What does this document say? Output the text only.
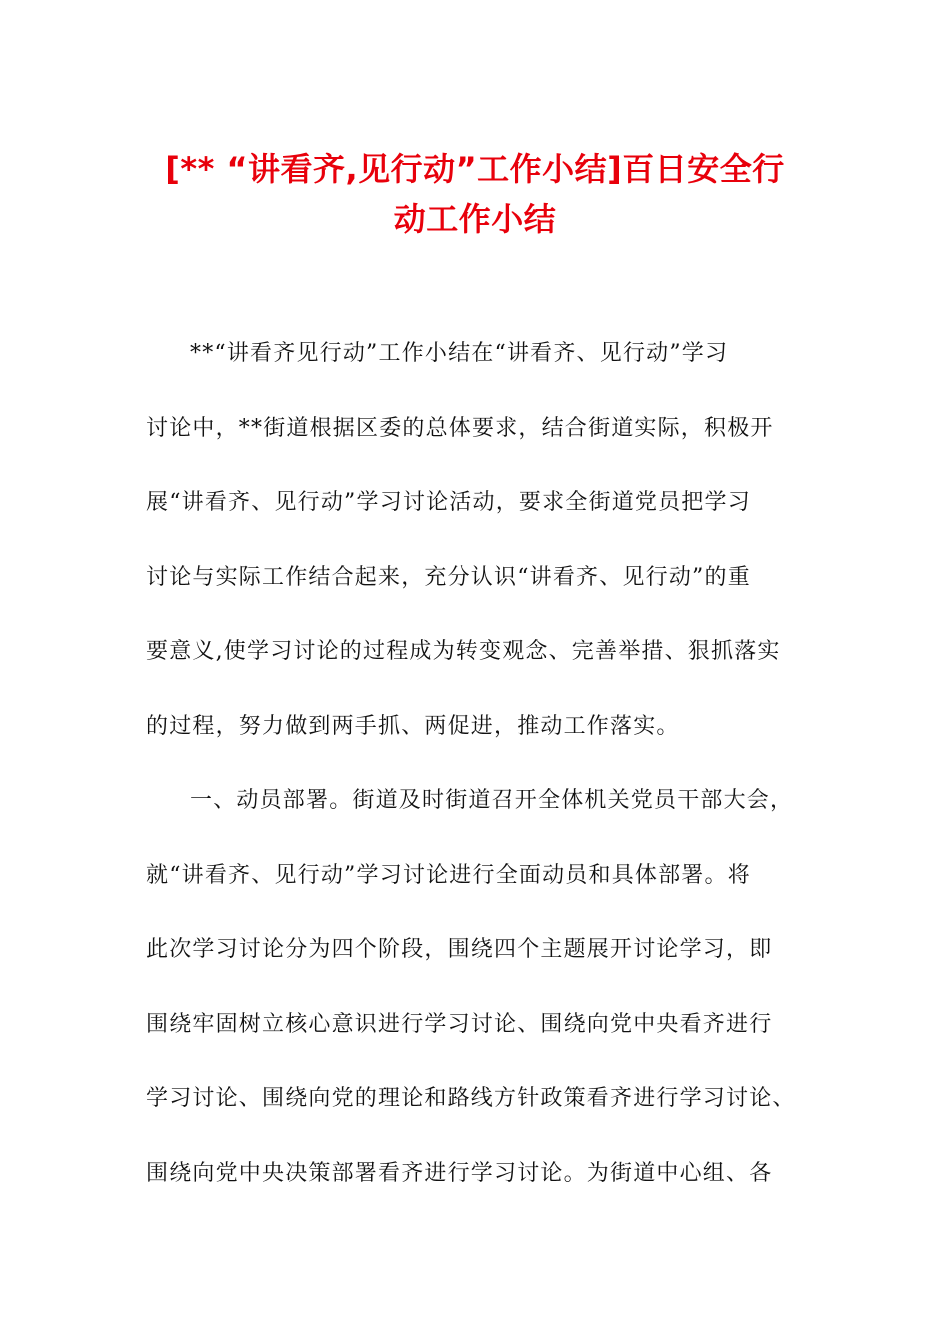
[** “讲看齐,见行动”工作小结]百日安全行
动工作小结
**“讲看齐见行动”工作小结在“讲看齐、见行动”学习
讨论中，**街道根据区委的总体要求，结合街道实际，积极开
展“讲看齐、见行动”学习讨论活动，要求全街道党员把学习
讨论与实际工作结合起来，充分认识“讲看齐、见行动”的重
要意义,使学习讨论的过程成为转变观念、完善举措、狠抓落实
的过程，努力做到两手抓、两促进，推动工作落实。
一、动员部署。街道及时街道召开全体机关党员干部大会，
就“讲看齐、见行动”学习讨论进行全面动员和具体部署。将
此次学习讨论分为四个阶段，围绕四个主题展开讨论学习，即
围绕牢固树立核心意识进行学习讨论、围绕向党中央看齐进行
学习讨论、围绕向党的理论和路线方针政策看齐进行学习讨论、
围绕向党中央决策部署看齐进行学习讨论。为街道中心组、各
